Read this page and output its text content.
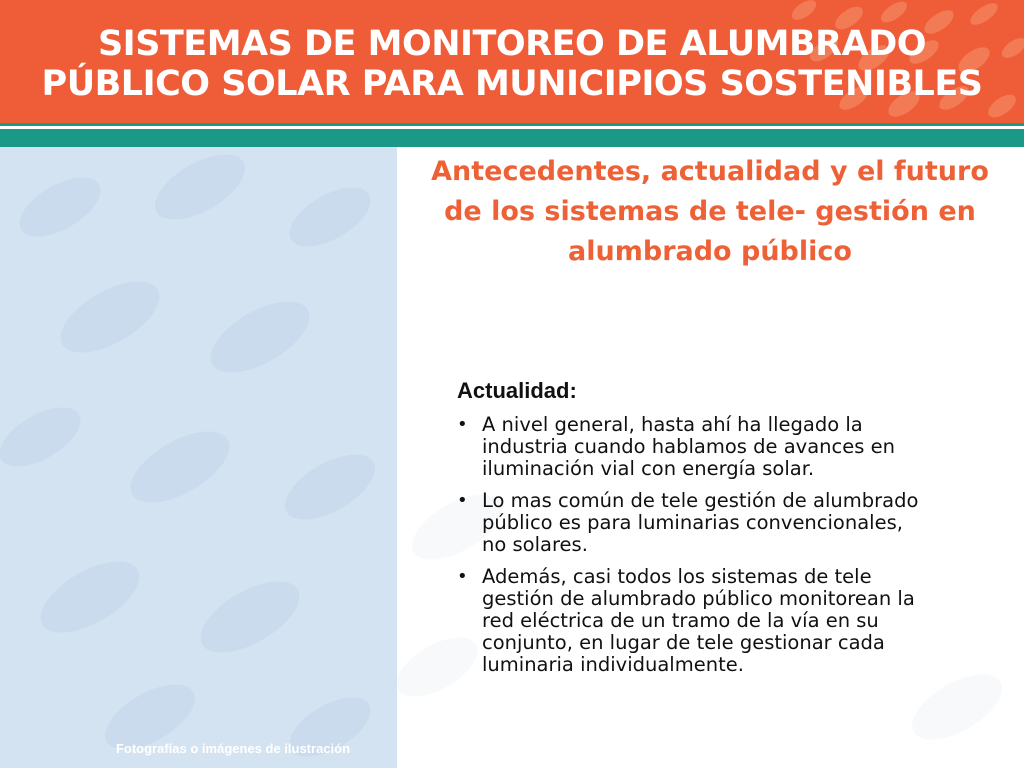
SISTEMAS DE MONITOREO DE ALUMBRADO
PÚBLICO SOLAR PARA MUNICIPIOS SOSTENIBLES
Fotografías o imágenes de ilustración
Antecedentes, actualidad y el futuro
de los sistemas de tele- gestión en
alumbrado público

Actualidad:

• A nivel general, hasta ahí ha llegado la industria cuando hablamos de avances en iluminación vial con energía solar.
• Lo mas común de tele gestión de alumbrado público es para luminarias convencionales, no solares.
• Además, casi todos los sistemas de tele gestión de alumbrado público monitorean la red eléctrica de un tramo de la vía en su conjunto, en lugar de tele gestionar cada luminaria individualmente.
